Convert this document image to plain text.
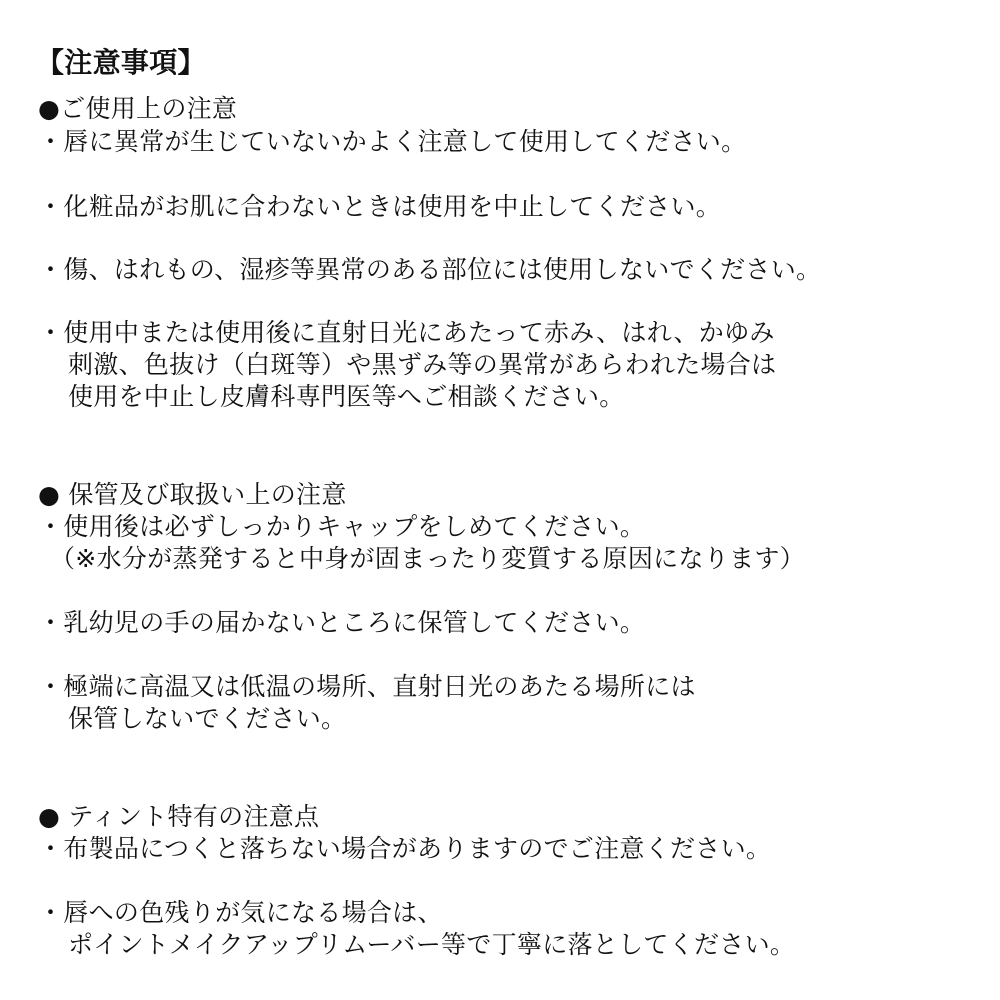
【注意事項】
●ご使用上の注意
・唇に異常が生じていないかよく注意して使用してください。
・化粧品がお肌に合わないときは使用を中止してください。
・傷、はれもの、湿疹等異常のある部位には使用しないでください。
・使用中または使用後に直射日光にあたって赤み、はれ、かゆみ
刺激、色抜け（白斑等）や黒ずみ等の異常があらわれた場合は
使用を中止し皮膚科専門医等へご相談ください。
● 保管及び取扱い上の注意
・使用後は必ずしっかりキャップをしめてください。
（※水分が蒸発すると中身が固まったり変質する原因になります）
・乳幼児の手の届かないところに保管してください。
・極端に高温又は低温の場所、直射日光のあたる場所には
保管しないでください。
● ティント特有の注意点
・布製品につくと落ちない場合がありますのでご注意ください。
・唇への色残りが気になる場合は、
ポイントメイクアップリムーバー等で丁寧に落としてください。
